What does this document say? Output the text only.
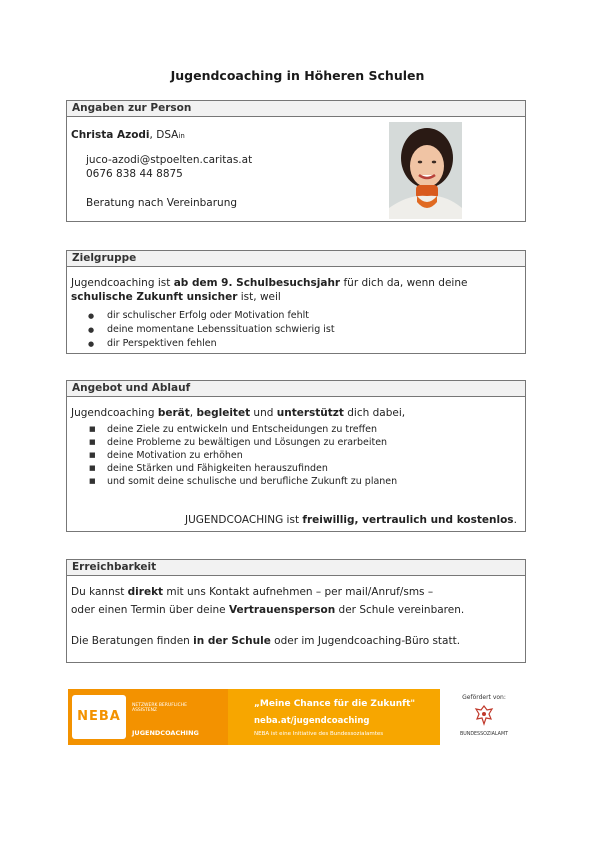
Jugendcoaching in Höheren Schulen
Angaben zur Person
Christa Azodi, DSAin
juco-azodi@stpoelten.caritas.at
0676 838 44 8875
Beratung nach Vereinbarung
Zielgruppe
Jugendcoaching ist ab dem 9. Schulbesuchsjahr für dich da, wenn deine
schulische Zukunft unsicher ist, weil
● dir schulischer Erfolg oder Motivation fehlt
● deine momentane Lebenssituation schwierig ist
● dir Perspektiven fehlen
Angebot und Ablauf
Jugendcoaching berät, begleitet und unterstützt dich dabei,
■ deine Ziele zu entwickeln und Entscheidungen zu treffen
■ deine Probleme zu bewältigen und Lösungen zu erarbeiten
■ deine Motivation zu erhöhen
■ deine Stärken und Fähigkeiten herauszufinden
■ und somit deine schulische und berufliche Zukunft zu planen
JUGENDCOACHING ist freiwillig, vertraulich und kostenlos.
Erreichbarkeit
Du kannst direkt mit uns Kontakt aufnehmen – per mail/Anruf/sms –
oder einen Termin über deine Vertrauensperson der Schule vereinbaren.
Die Beratungen finden in der Schule oder im Jugendcoaching-Büro statt.
NEBA
NETZWERK BERUFLICHE
ASSISTENZ
JUGENDCOACHING
„Meine Chance für die Zukunft"
neba.at/jugendcoaching
NEBA ist eine Initiative des Bundessozialamtes
Gefördert von:
BUNDESSOZIALAMT
